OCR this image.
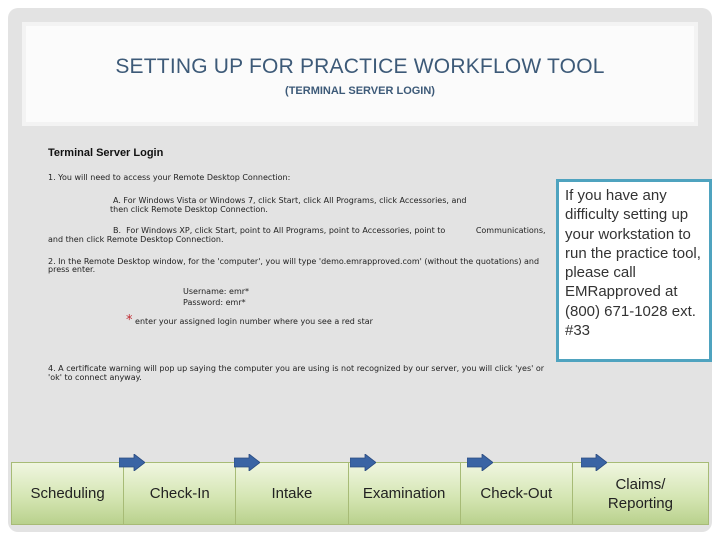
SETTING UP FOR PRACTICE WORKFLOW TOOL
(TERMINAL SERVER LOGIN)
Terminal Server Login
1. You will need to access your Remote Desktop Connection:
A. For Windows Vista or Windows 7, click Start, click All Programs, click Accessories, and
then click Remote Desktop Connection.
B.  For Windows XP, click Start, point to All Programs, point to Accessories, point to            Communications,
and then click Remote Desktop Connection.
2. In the Remote Desktop window, for the 'computer', you will type 'demo.emrapproved.com' (without the quotations) and
press enter.
Username: emr*
Password: emr*
* enter your assigned login number where you see a red star
4. A certificate warning will pop up saying the computer you are using is not recognized by our server, you will click 'yes' or
'ok' to connect anyway.
If you have any difficulty setting up your workstation to run the practice tool, please call EMRapproved at (800) 671-1028 ext. #33
Scheduling	Check-In	Intake	Examination	Check-Out
Claims/ Reporting
